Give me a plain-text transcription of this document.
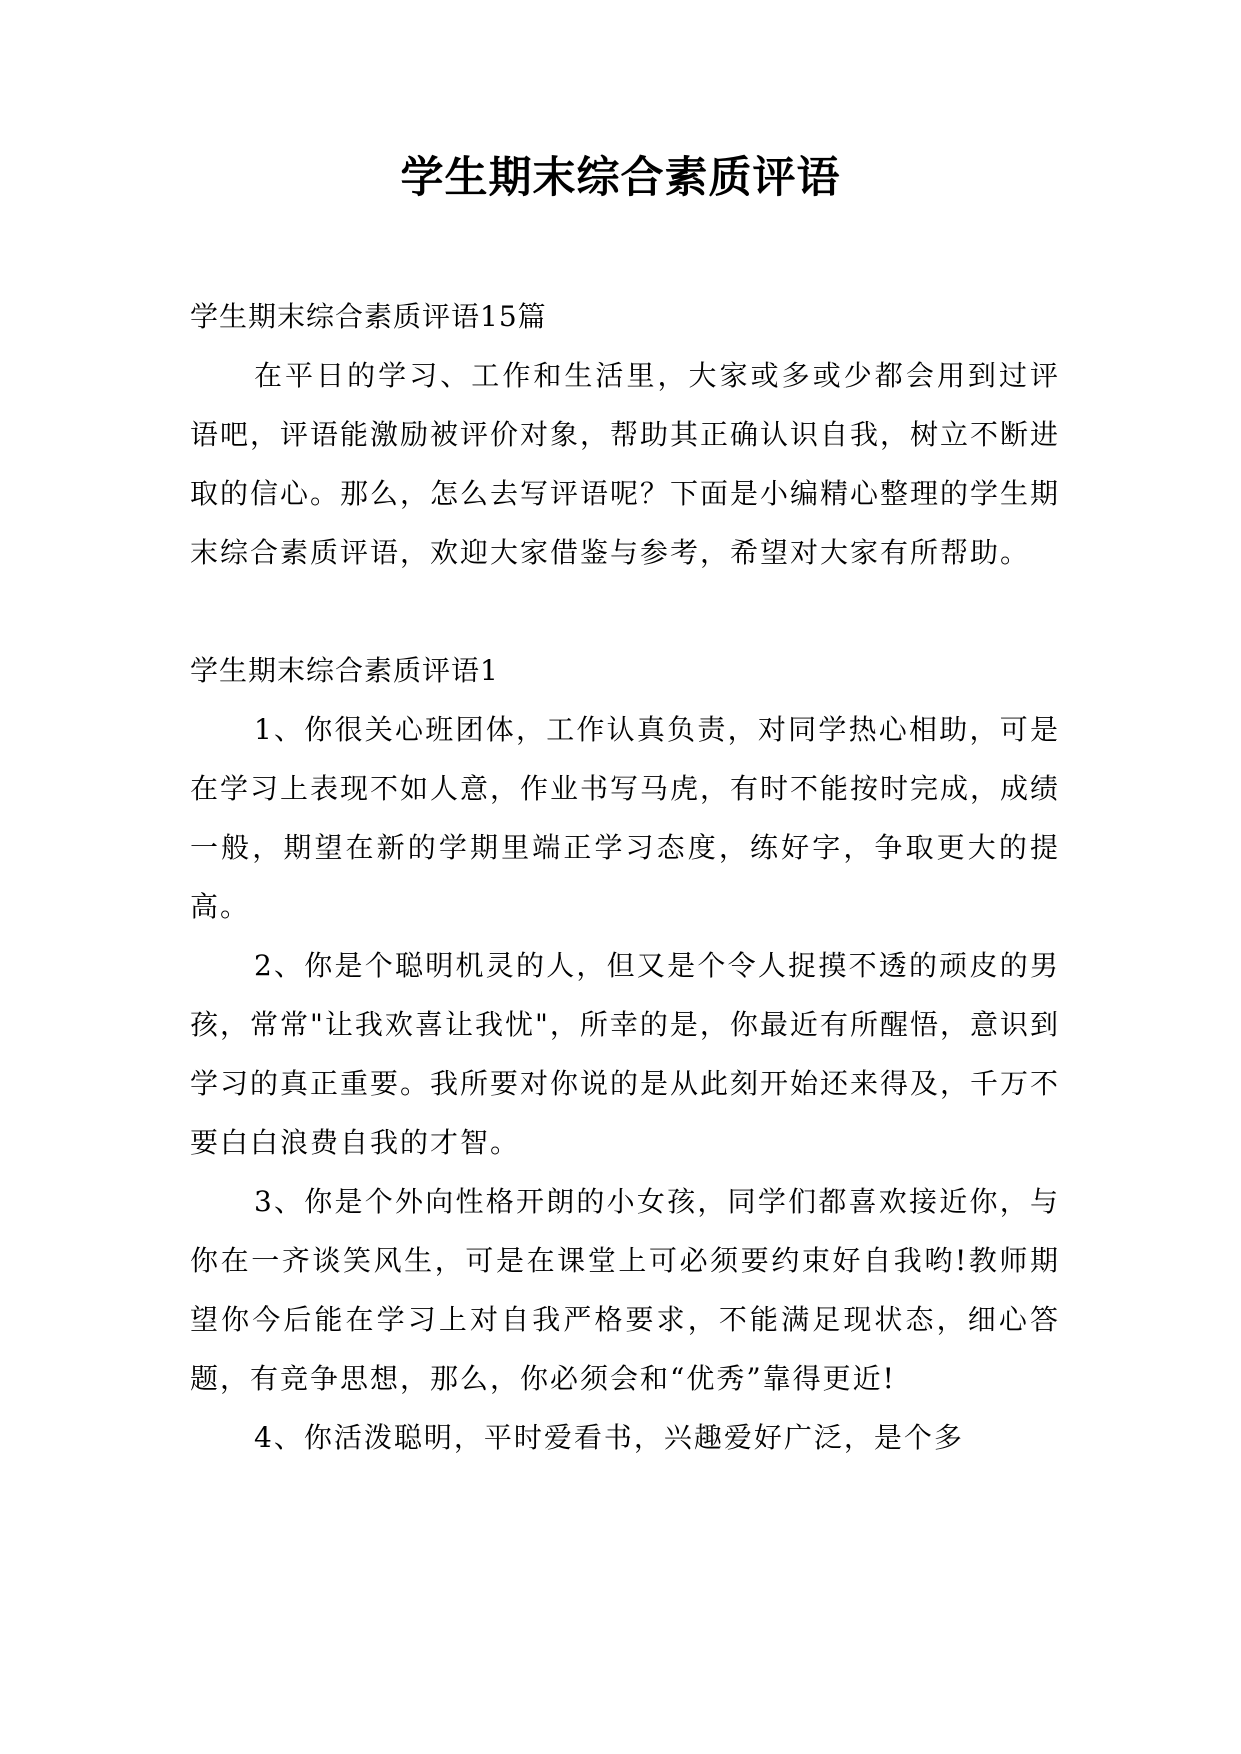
学生期末综合素质评语

学生期末综合素质评语15篇

在平日的学习、工作和生活里，大家或多或少都会用到过评语吧，评语能激励被评价对象，帮助其正确认识自我，树立不断进取的信心。那么，怎么去写评语呢？下面是小编精心整理的学生期末综合素质评语，欢迎大家借鉴与参考，希望对大家有所帮助。

学生期末综合素质评语1

1、你很关心班团体，工作认真负责，对同学热心相助，可是在学习上表现不如人意，作业书写马虎，有时不能按时完成，成绩一般，期望在新的学期里端正学习态度，练好字，争取更大的提高。

2、你是个聪明机灵的人，但又是个令人捉摸不透的顽皮的男孩，常常"让我欢喜让我忧"，所幸的是，你最近有所醒悟，意识到学习的真正重要。我所要对你说的是从此刻开始还来得及，千万不要白白浪费自我的才智。

3、你是个外向性格开朗的小女孩，同学们都喜欢接近你，与你在一齐谈笑风生，可是在课堂上可必须要约束好自我哟!教师期望你今后能在学习上对自我严格要求，不能满足现状态，细心答题，有竞争思想，那么，你必须会和“优秀”靠得更近!

4、你活泼聪明，平时爱看书，兴趣爱好广泛，是个多
